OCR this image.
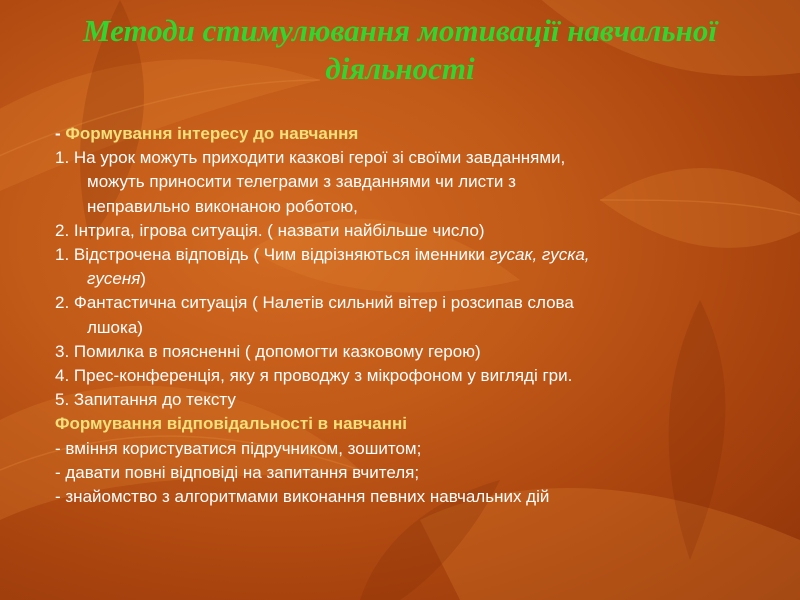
Методи стимулювання мотивації навчальної діяльності
- Формування інтересу до навчання
1. На урок можуть приходити казкові герої зі своїми завданнями,
можуть приносити телеграми з завданнями чи листи з
неправильно виконаною роботою,
2. Інтрига, ігрова ситуація. ( назвати найбільше число)
1. Відстрочена відповідь ( Чим відрізняються іменники гусак, гуска,
гусеня)
2. Фантастична ситуація ( Налетів сильний вітер і розсипав слова
лшока)
3. Помилка в поясненні ( допомогти казковому герою)
4. Прес-конференція, яку я проводжу з мікрофоном у вигляді гри.
5. Запитання до тексту
Формування відповідальності в навчанні
- вміння користуватися підручником, зошитом;
- давати повні відповіді на запитання вчителя;
- знайомство з алгоритмами виконання певних навчальних дій
